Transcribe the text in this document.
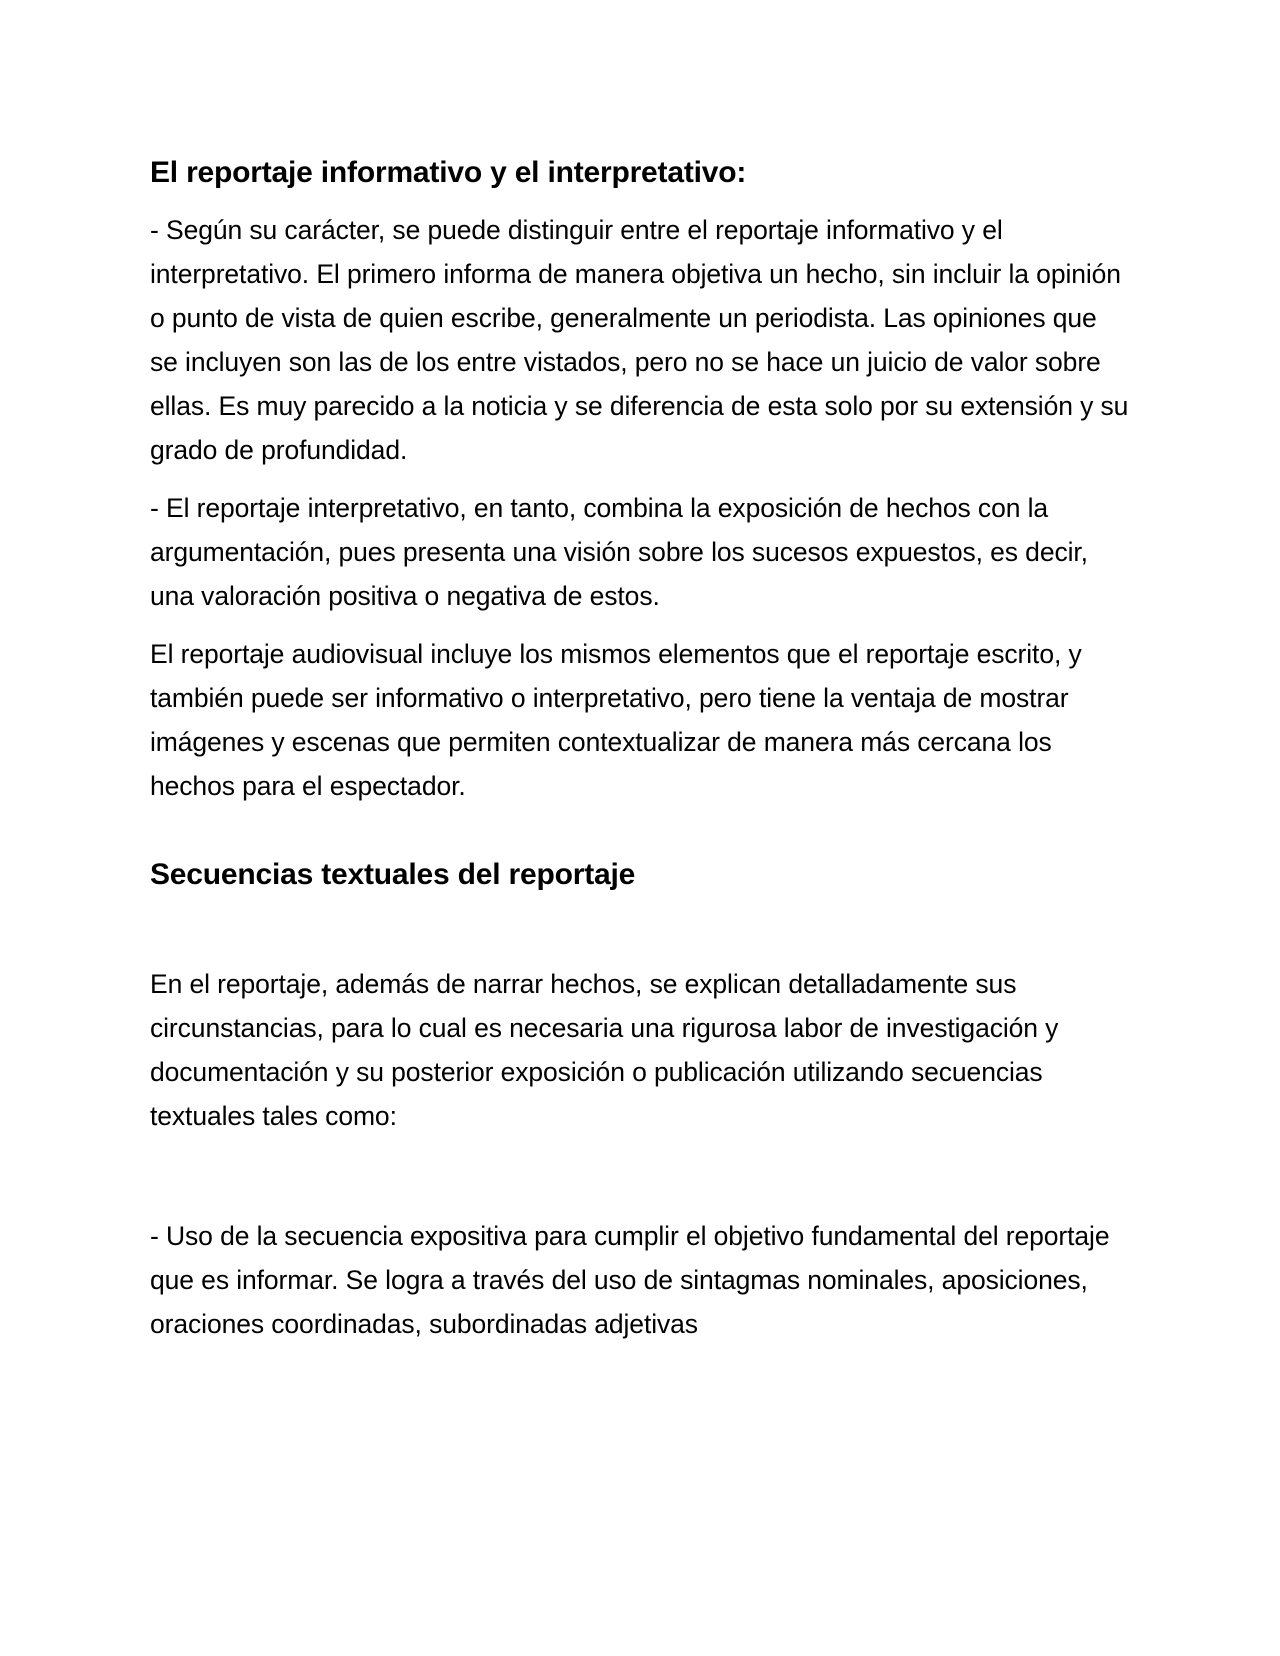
El reportaje informativo y el interpretativo:

- Según su carácter, se puede distinguir entre el reportaje informativo y el interpretativo. El primero informa de manera objetiva un hecho, sin incluir la opinión o punto de vista de quien escribe, generalmente un periodista. Las opiniones que se incluyen son las de los entre vistados, pero no se hace un juicio de valor sobre ellas. Es muy parecido a la noticia y se diferencia de esta solo por su extensión y su grado de profundidad.

- El reportaje interpretativo, en tanto, combina la exposición de hechos con la argumentación, pues presenta una visión sobre los sucesos expuestos, es decir, una valoración positiva o negativa de estos.

El reportaje audiovisual incluye los mismos elementos que el reportaje escrito, y también puede ser informativo o interpretativo, pero tiene la ventaja de mostrar imágenes y escenas que permiten contextualizar de manera más cercana los hechos para el espectador.

Secuencias textuales del reportaje

En el reportaje, además de narrar hechos, se explican detalladamente sus circunstancias, para lo cual es necesaria una rigurosa labor de investigación y documentación y su posterior exposición o publicación utilizando secuencias textuales tales como:

- Uso de la secuencia expositiva para cumplir el objetivo fundamental del reportaje que es informar. Se logra a través del uso de sintagmas nominales, aposiciones, oraciones coordinadas, subordinadas adjetivas
